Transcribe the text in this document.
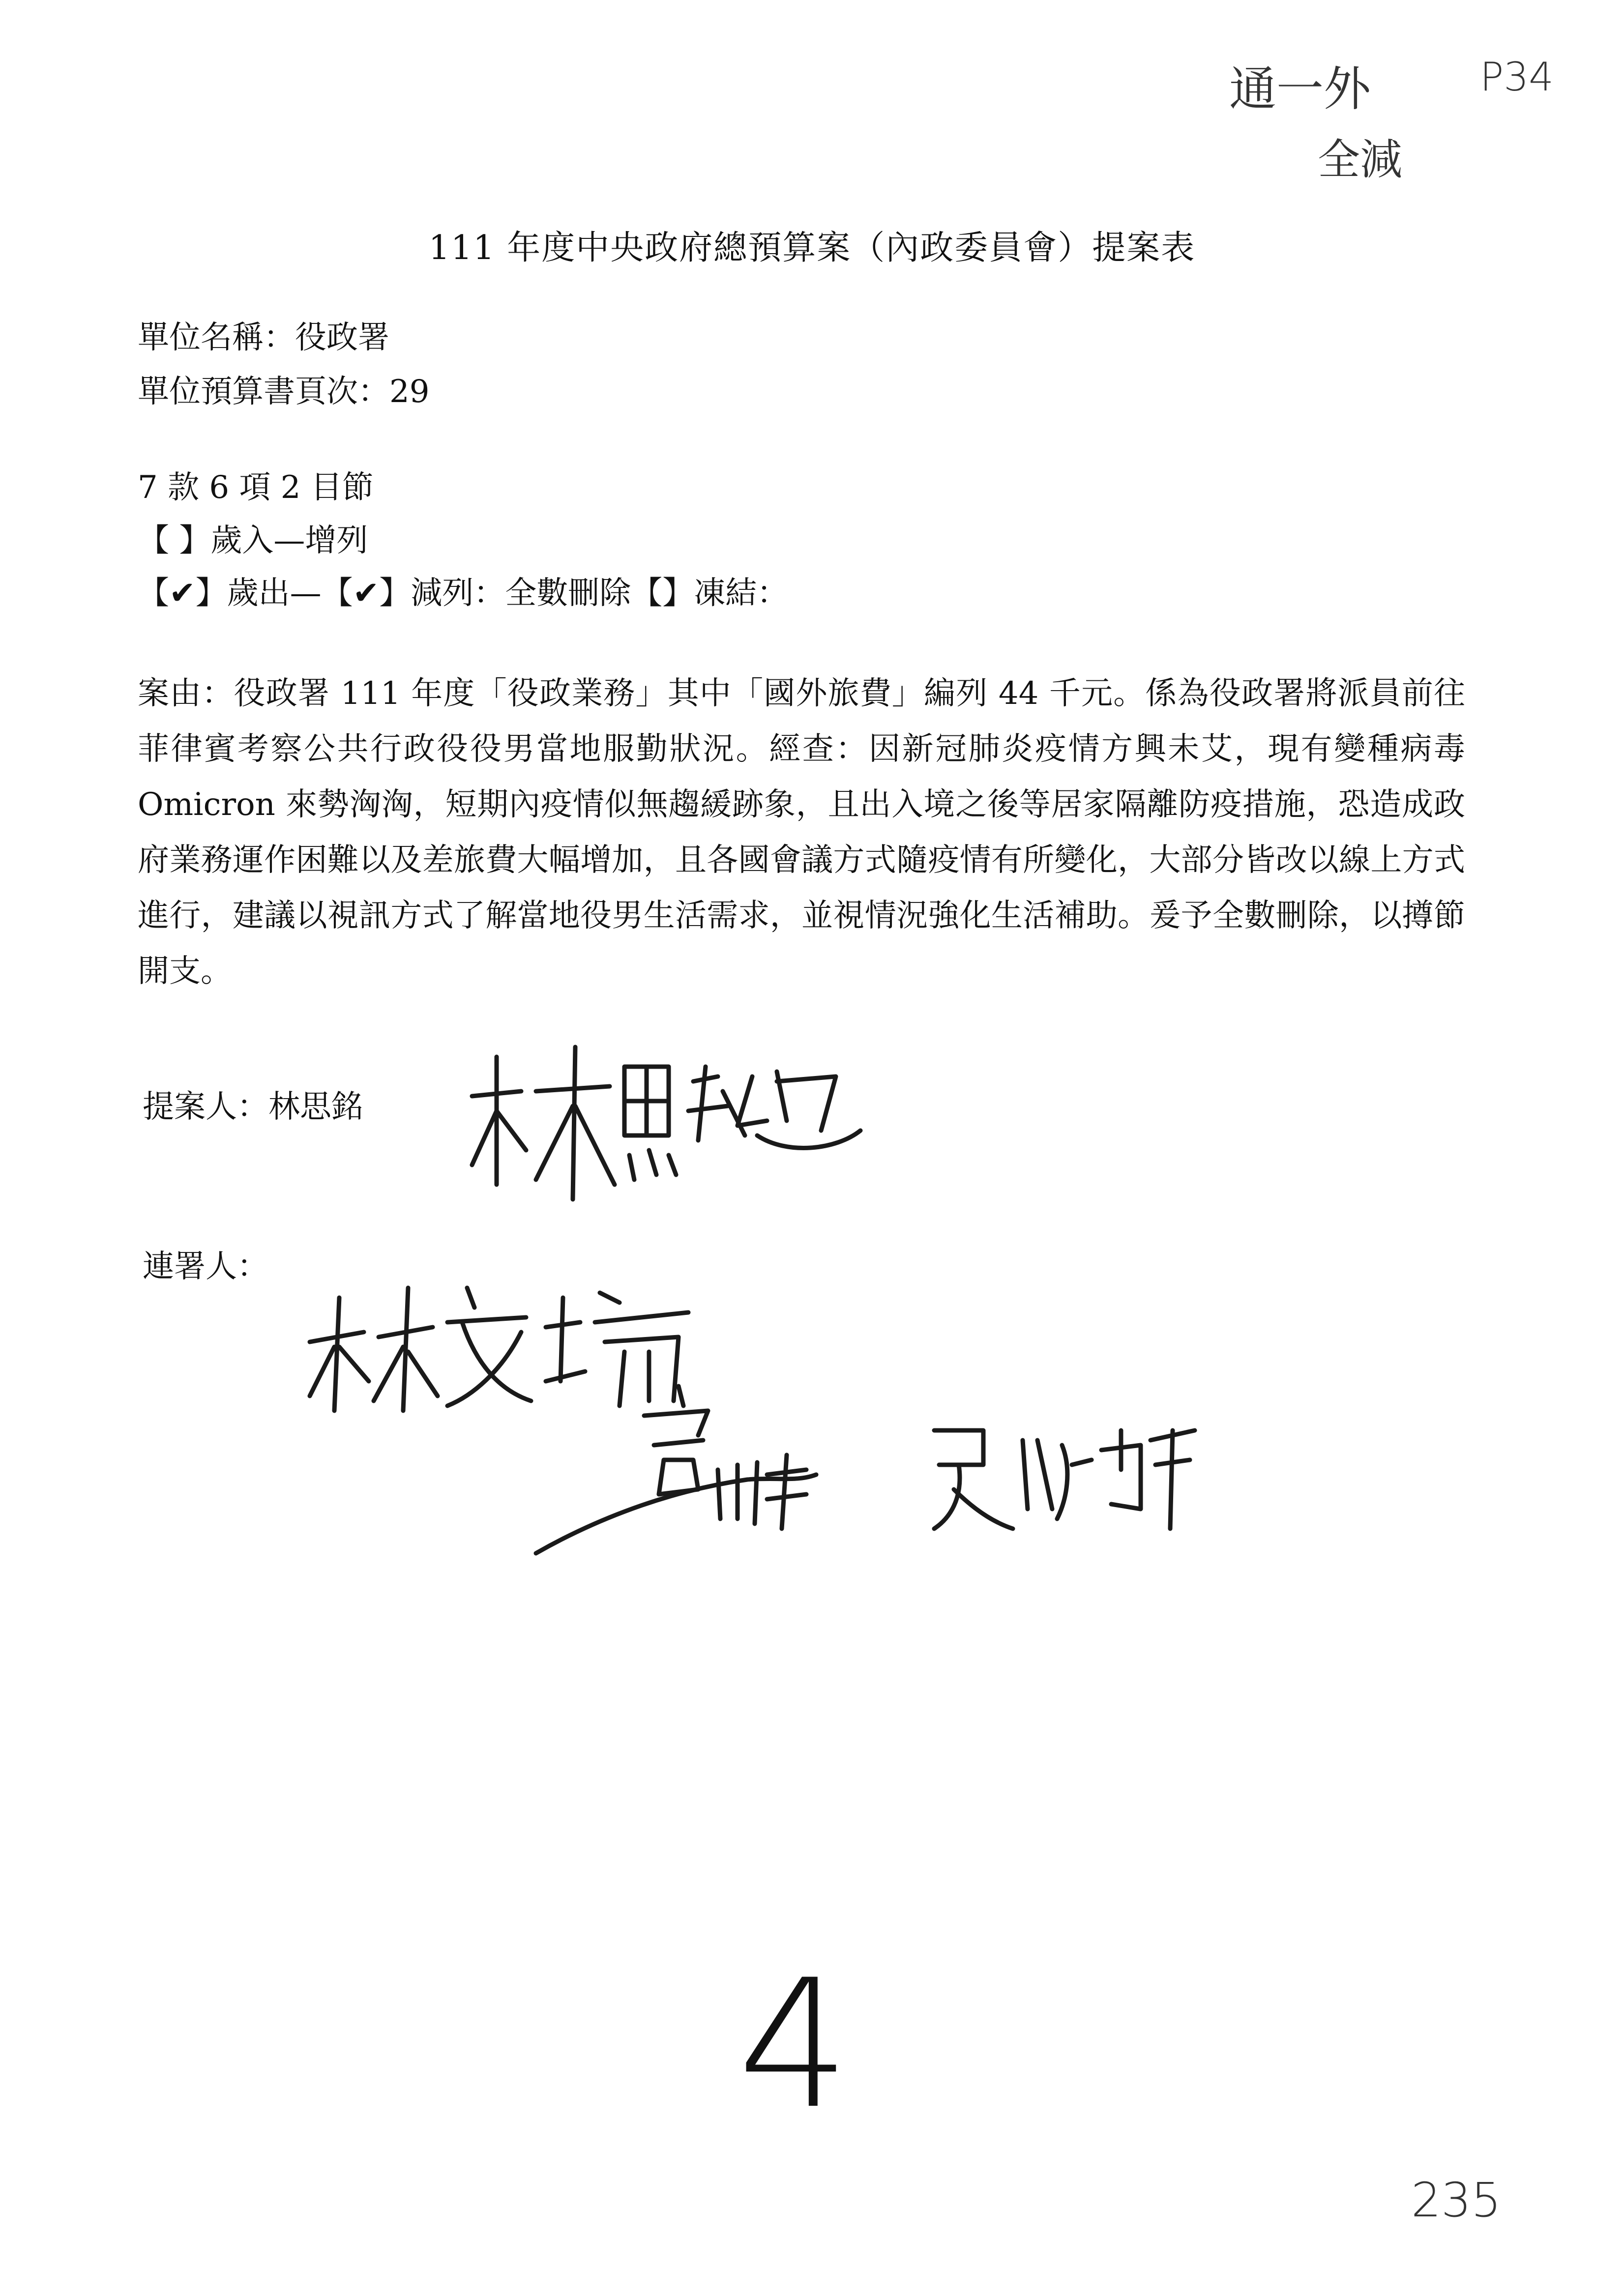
通一外
全減
P34
111 年度中央政府總預算案（內政委員會）提案表
單位名稱：役政署
單位預算書頁次：29
7 款 6 項 2 目節
【 】歲入—增列
【✔】歲出—【✔】減列：全數刪除【】凍結：
案由：役政署 111 年度「役政業務」其中「國外旅費」編列 44 千元。係為役政署將派員前往菲律賓考察公共行政役役男當地服勤狀況。經查：因新冠肺炎疫情方興未艾，現有變種病毒 Omicron 來勢洶洶，短期內疫情似無趨緩跡象，且出入境之後等居家隔離防疫措施，恐造成政府業務運作困難以及差旅費大幅增加，且各國會議方式隨疫情有所變化，大部分皆改以線上方式進行，建議以視訊方式了解當地役男生活需求，並視情況強化生活補助。爰予全數刪除，以撙節開支。
提案人：林思銘
連署人：
4
235
